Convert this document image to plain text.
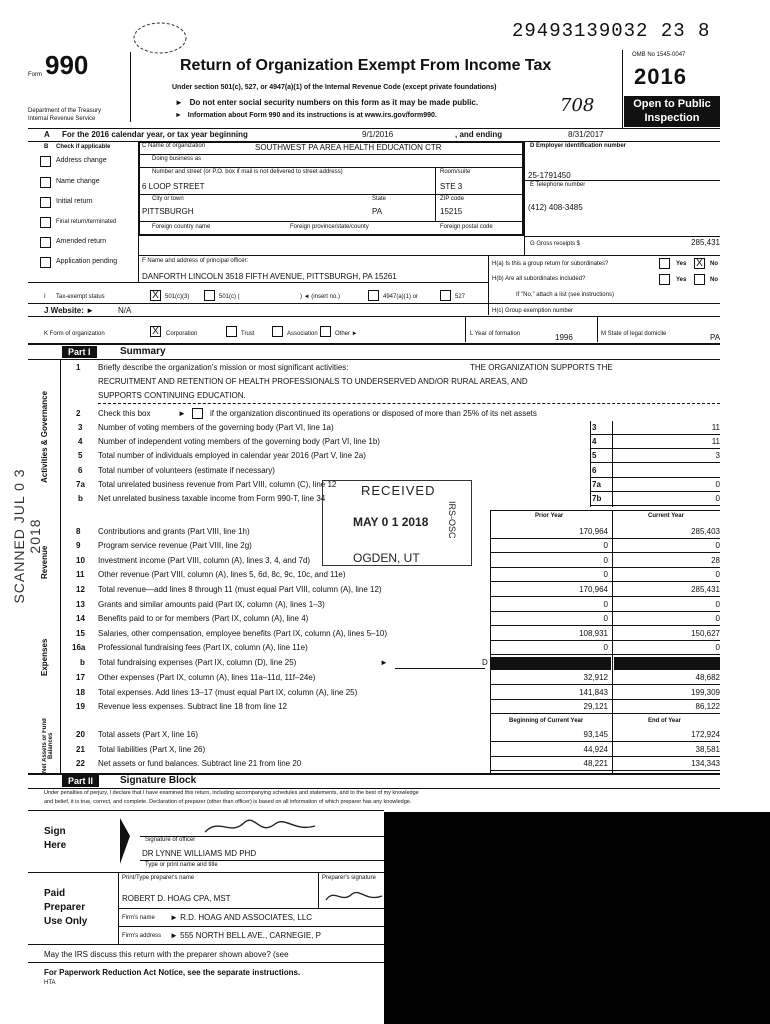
29493139032 23 8
Form 990	Return of Organization Exempt From Income Tax
Under section 501(c), 527, or 4947(a)(1) of the Internal Revenue Code (except private foundations)
► Do not enter social security numbers on this form as it may be made public.
► Information about Form 990 and its instructions is at www.irs.gov/form990.	708
Department of the Treasury
Internal Revenue Service
OMB No 1545-0047
2016
Open to Public
Inspection
A For the 2016 calendar year, or tax year beginning	9/1/2016	, and ending	8/31/2017
B Check if applicable
Address change
Name change
Initial return
Final return/terminated
Amended return
Application pending
C Name of organization	SOUTHWEST PA AREA HEALTH EDUCATION CTR
Doing business as
Number and street (or P.O. box if mail is not delivered to street address)	Room/suite
6 LOOP STREET	STE 3
City or town	State	ZIP code
PITTSBURGH	PA	15215
Foreign country name	Foreign province/state/county	Foreign postal code
D Employer identification number
25-1791450
E Telephone number
(412) 408-3485
G Gross receipts $	285,431
F Name and address of principal officer:
DANFORTH LINCOLN 3518 FIFTH AVENUE, PITTSBURGH, PA 15261
H(a) Is this a group return for subordinates?	Yes X	No
H(b) Are all subordinates included?	Yes	No
If "No," attach a list (see instructions)
I Tax-exempt status	X	501(c)(3)	501(c) (	) ◄ (insert no.)	4947(a)(1) or	527
J Website: ►	N/A	H(c) Group exemption number
K Form of organization	X	Corporation	Trust	Association	Other ►	L Year of formation	1996	M State of legal domicile	PA
Part I	Summary
Activities & Governance
Revenue
Expenses
Net Assets or Fund Balances
1 Briefly describe the organization's mission or most significant activities:	THE ORGANIZATION SUPPORTS THE
RECRUITMENT AND RETENTION OF HEALTH PROFESSIONALS TO UNDERSERVED AND/OR RURAL AREAS, AND
SUPPORTS CONTINUING EDUCATION.
2 Check this box	►	if the organization discontinued its operations or disposed of more than 25% of its net assets
3 Number of voting members of the governing body (Part VI, line 1a)	3	11
4 Number of independent voting members of the governing body (Part VI, line 1b)	4	11
5 Total number of individuals employed in calendar year 2016 (Part V, line 2a)	5	3
6 Total number of volunteers (estimate if necessary)	6
7a Total unrelated business revenue from Part VIII, column (C), line 12	7a	0
b Net unrelated business taxable income from Form 990-T, line 34	7b	0
Prior Year	Current Year
8 Contributions and grants (Part VIII, line 1h)	170,964	285,403
9 Program service revenue (Part VIII, line 2g)	0	0
10 Investment income (Part VIII, column (A), lines 3, 4, and 7d)	0	28
11 Other revenue (Part VIII, column (A), lines 5, 6d, 8c, 9c, 10c, and 11e)	0	0
12 Total revenue—add lines 8 through 11 (must equal Part VIII, column (A), line 12)	170,964	285,431
13 Grants and similar amounts paid (Part IX, column (A), lines 1–3)	0	0
14 Benefits paid to or for members (Part IX, column (A), line 4)	0	0
15 Salaries, other compensation, employee benefits (Part IX, column (A), lines 5–10)	108,931	150,627
16a Professional fundraising fees (Part IX, column (A), line 11e)	0	0
b Total fundraising expenses (Part IX, column (D), line 25)	►	D
17 Other expenses (Part IX, column (A), lines 11a–11d, 11f–24e)	32,912	48,682
18 Total expenses. Add lines 13–17 (must equal Part IX, column (A), line 25)	141,843	199,309
19 Revenue less expenses. Subtract line 18 from line 12	29,121	86,122
Beginning of Current Year	End of Year
20 Total assets (Part X, line 16)	93,145	172,924
21 Total liabilities (Part X, line 26)	44,924	38,581
22 Net assets or fund balances. Subtract line 21 from line 20	48,221	134,343
Part II	Signature Block
Under penalties of perjury, I declare that I have examined this return, including accompanying schedules and statements, and to the best of my knowledge
and belief, it is true, correct, and complete. Declaration of preparer (other than officer) is based on all information of which preparer has any knowledge.
Sign
Here	Signature of officer
DR LYNNE WILLIAMS MD PHD
Type or print name and title
Paid
Preparer
Use Only
Print/Type preparer's name	Preparer's signature
ROBERT D. HOAG CPA, MST
Firm's name ► R.D. HOAG AND ASSOCIATES, LLC
Firm's address ► 555 NORTH BELL AVE., CARNEGIE, P
May the IRS discuss this return with the preparer shown above? (see
For Paperwork Reduction Act Notice, see the separate instructions.
HTA
SCANNED JUL 0 3 2018
RECEIVED
MAY 0 1 2018
OGDEN, UT
IRS-OSC
